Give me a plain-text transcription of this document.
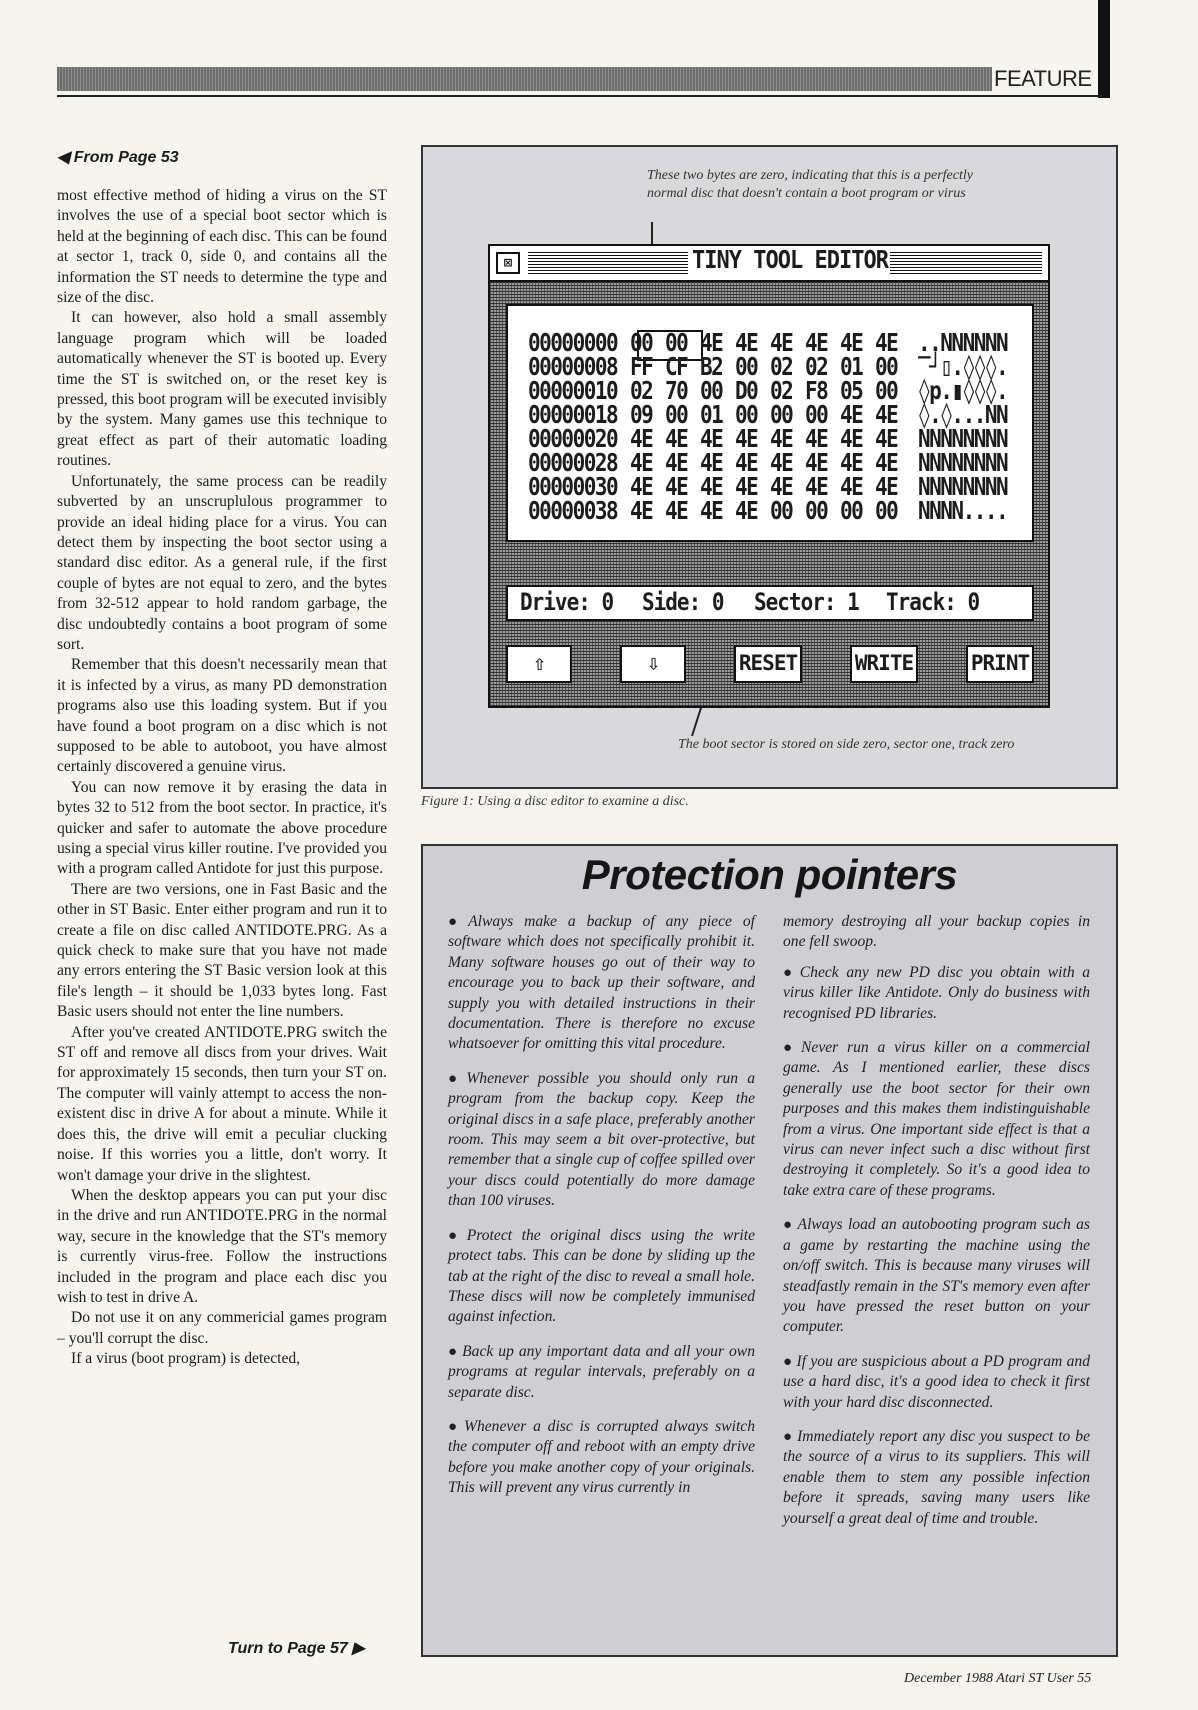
FEATURE
◀ From Page 53

most effective method of hiding a virus on the ST involves the use of a special boot sector which is held at the beginning of each disc. This can be found at sector 1, track 0, side 0, and contains all the information the ST needs to determine the type and size of the disc.

It can however, also hold a small assembly language program which will be loaded automatically whenever the ST is booted up. Every time the ST is switched on, or the reset key is pressed, this boot program will be executed invisibly by the system. Many games use this technique to great effect as part of their automatic loading routines.

Unfortunately, the same process can be readily subverted by an unscruplulous programmer to provide an ideal hiding place for a virus. You can detect them by inspecting the boot sector using a standard disc editor. As a general rule, if the first couple of bytes are not equal to zero, and the bytes from 32-512 appear to hold random garbage, the disc undoubtedly contains a boot program of some sort.

Remember that this doesn't necessarily mean that it is infected by a virus, as many PD demonstration programs also use this loading system. But if you have found a boot program on a disc which is not supposed to be able to autoboot, you have almost certainly discovered a genuine virus.

You can now remove it by erasing the data in bytes 32 to 512 from the boot sector. In practice, it's quicker and safer to automate the above procedure using a special virus killer routine. I've provided you with a program called Antidote for just this purpose.

There are two versions, one in Fast Basic and the other in ST Basic. Enter either program and run it to create a file on disc called ANTIDOTE.PRG. As a quick check to make sure that you have not made any errors entering the ST Basic version look at this file's length – it should be 1,033 bytes long. Fast Basic users should not enter the line numbers.

After you've created ANTIDOTE.PRG switch the ST off and remove all discs from your drives. Wait for approximately 15 seconds, then turn your ST on. The computer will vainly attempt to access the non-existent disc in drive A for about a minute. While it does this, the drive will emit a peculiar clucking noise. If this worries you a little, don't worry. It won't damage your drive in the slightest.

When the desktop appears you can put your disc in the drive and run ANTIDOTE.PRG in the normal way, secure in the knowledge that the ST's memory is currently virus-free. Follow the instructions included in the program and place each disc you wish to test in drive A.

Do not use it on any commericial games program – you'll corrupt the disc.

If a virus (boot program) is detected,

Turn to Page 57 ▶
These two bytes are zero, indicating that this is a perfectly normal disc that doesn't contain a boot program or virus
⊠	TINY TOOL EDITOR
00000000 00 00 4E 4E 4E 4E 4E 4E ..NNNNNN
00000008 FF CF B2 00 02 02 01 00 ‾┘▯.◊◊◊.
00000010 02 70 00 D0 02 F8 05 00 ◊p.▮◊◊◊.
00000018 09 00 01 00 00 00 4E 4E ◊.◊...NN
00000020 4E 4E 4E 4E 4E 4E 4E 4E NNNNNNNN
00000028 4E 4E 4E 4E 4E 4E 4E 4E NNNNNNNN
00000030 4E 4E 4E 4E 4E 4E 4E 4E NNNNNNNN
00000038 4E 4E 4E 4E 00 00 00 00 NNNN....
Drive: 0 Side: 0 Sector: 1 Track: 0
⇧	⇩	RESET	WRITE	PRINT
The boot sector is stored on side zero, sector one, track zero
Figure 1: Using a disc editor to examine a disc.
Protection pointers

● Always make a backup of any piece of software which does not specifically prohibit it. Many software houses go out of their way to encourage you to back up their software, and supply you with detailed instructions in their documentation. There is therefore no excuse whatsoever for omitting this vital procedure.

● Whenever possible you should only run a program from the backup copy. Keep the original discs in a safe place, preferably another room. This may seem a bit over-protective, but remember that a single cup of coffee spilled over your discs could potentially do more damage than 100 viruses.

● Protect the original discs using the write protect tabs. This can be done by sliding up the tab at the right of the disc to reveal a small hole. These discs will now be completely immunised against infection.

● Back up any important data and all your own programs at regular intervals, preferably on a separate disc.

● Whenever a disc is corrupted always switch the computer off and reboot with an empty drive before you make another copy of your originals. This will prevent any virus currently in

memory destroying all your backup copies in one fell swoop.

● Check any new PD disc you obtain with a virus killer like Antidote. Only do business with recognised PD libraries.

● Never run a virus killer on a commercial game. As I mentioned earlier, these discs generally use the boot sector for their own purposes and this makes them indistinguishable from a virus. One important side effect is that a virus can never infect such a disc without first destroying it completely. So it's a good idea to take extra care of these programs.

● Always load an autobooting program such as a game by restarting the machine using the on/off switch. This is because many viruses will steadfastly remain in the ST's memory even after you have pressed the reset button on your computer.

● If you are suspicious about a PD program and use a hard disc, it's a good idea to check it first with your hard disc disconnected.

● Immediately report any disc you suspect to be the source of a virus to its suppliers. This will enable them to stem any possible infection before it spreads, saving many users like yourself a great deal of time and trouble.

December 1988 Atari ST User 55
